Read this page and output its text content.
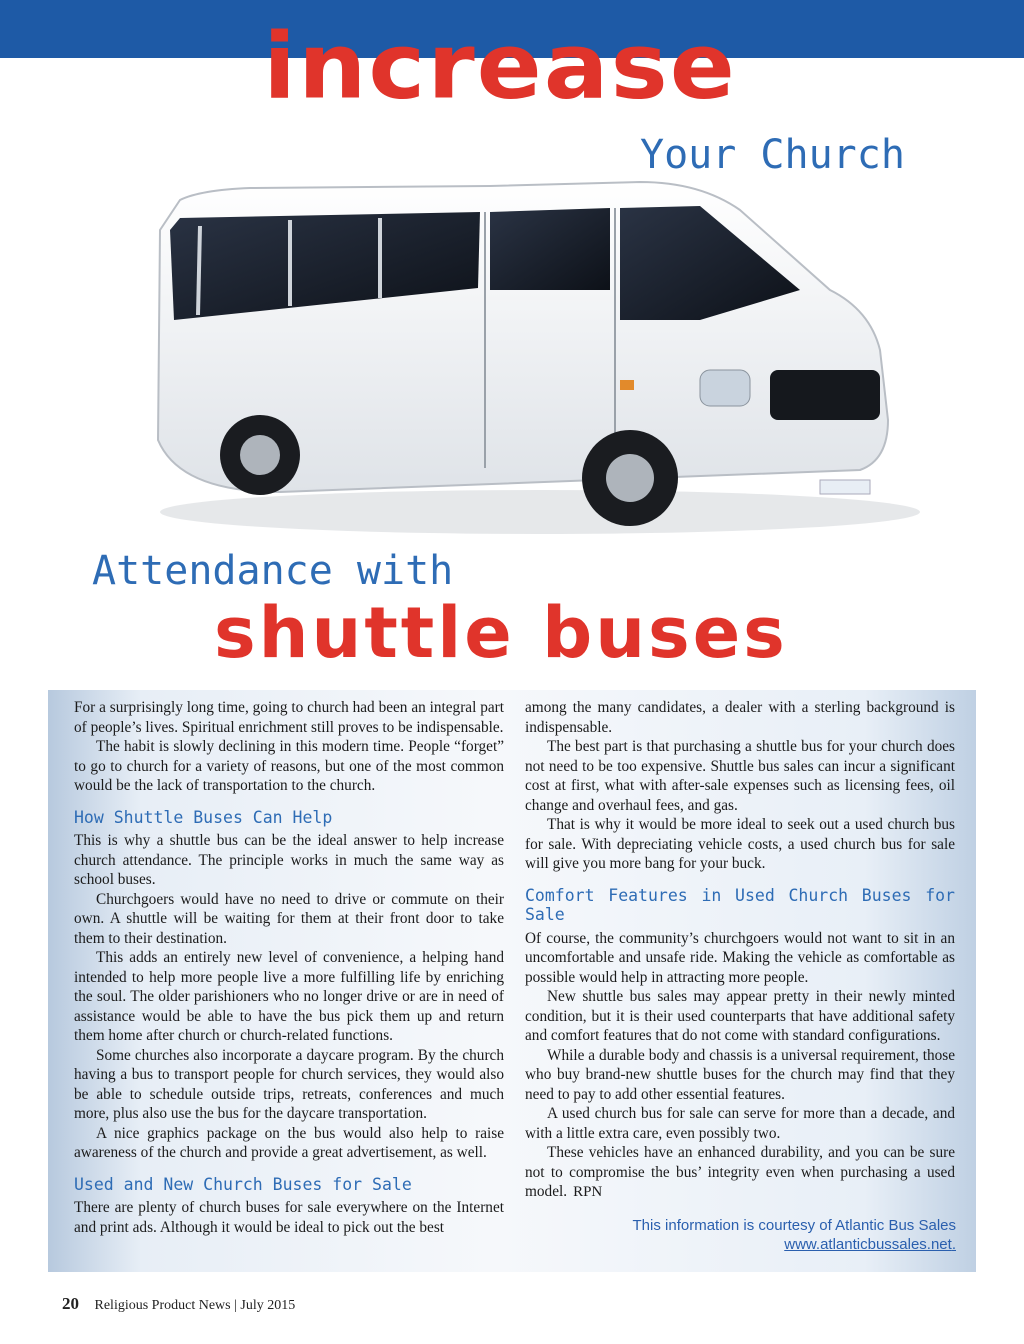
increase
Your Church
Attendance with
shuttle buses

For a surprisingly long time, going to church had been an integral part of people’s lives. Spiritual enrichment still proves to be indispensable.

The habit is slowly declining in this modern time. People “forget” to go to church for a variety of reasons, but one of the most common would be the lack of transportation to the church.

How Shuttle Buses Can Help

This is why a shuttle bus can be the ideal answer to help increase church attendance. The principle works in much the same way as school buses.

Churchgoers would have no need to drive or commute on their own. A shuttle will be waiting for them at their front door to take them to their destination.

This adds an entirely new level of convenience, a helping hand intended to help more people live a more fulfilling life by enriching the soul. The older parishioners who no longer drive or are in need of assistance would be able to have the bus pick them up and return them home after church or church-related functions.

Some churches also incorporate a daycare program. By the church having a bus to transport people for church services, they would also be able to schedule outside trips, retreats, conferences and much more, plus also use the bus for the daycare transportation.

A nice graphics package on the bus would also help to raise awareness of the church and provide a great advertisement, as well.

Used and New Church Buses for Sale

There are plenty of church buses for sale everywhere on the Internet and print ads. Although it would be ideal to pick out the best

among the many candidates, a dealer with a sterling background is indispensable.

The best part is that purchasing a shuttle bus for your church does not need to be too expensive. Shuttle bus sales can incur a significant cost at first, what with after-sale expenses such as licensing fees, oil change and overhaul fees, and gas.

That is why it would be more ideal to seek out a used church bus for sale. With depreciating vehicle costs, a used church bus for sale will give you more bang for your buck.

Comfort Features in Used Church Buses for Sale

Of course, the community’s churchgoers would not want to sit in an uncomfortable and unsafe ride. Making the vehicle as comfortable as possible would help in attracting more people.

New shuttle bus sales may appear pretty in their newly minted condition, but it is their used counterparts that have additional safety and comfort features that do not come with standard configurations.

While a durable body and chassis is a universal requirement, those who buy brand-new shuttle buses for the church may find that they need to pay to add other essential features.

A used church bus for sale can serve for more than a decade, and with a little extra care, even possibly two.

These vehicles have an enhanced durability, and you can be sure not to compromise the bus’ integrity even when purchasing a used model. RPN

This information is courtesy of Atlantic Bus Sales
www.atlanticbussales.net.
20 Religious Product News | July 2015
